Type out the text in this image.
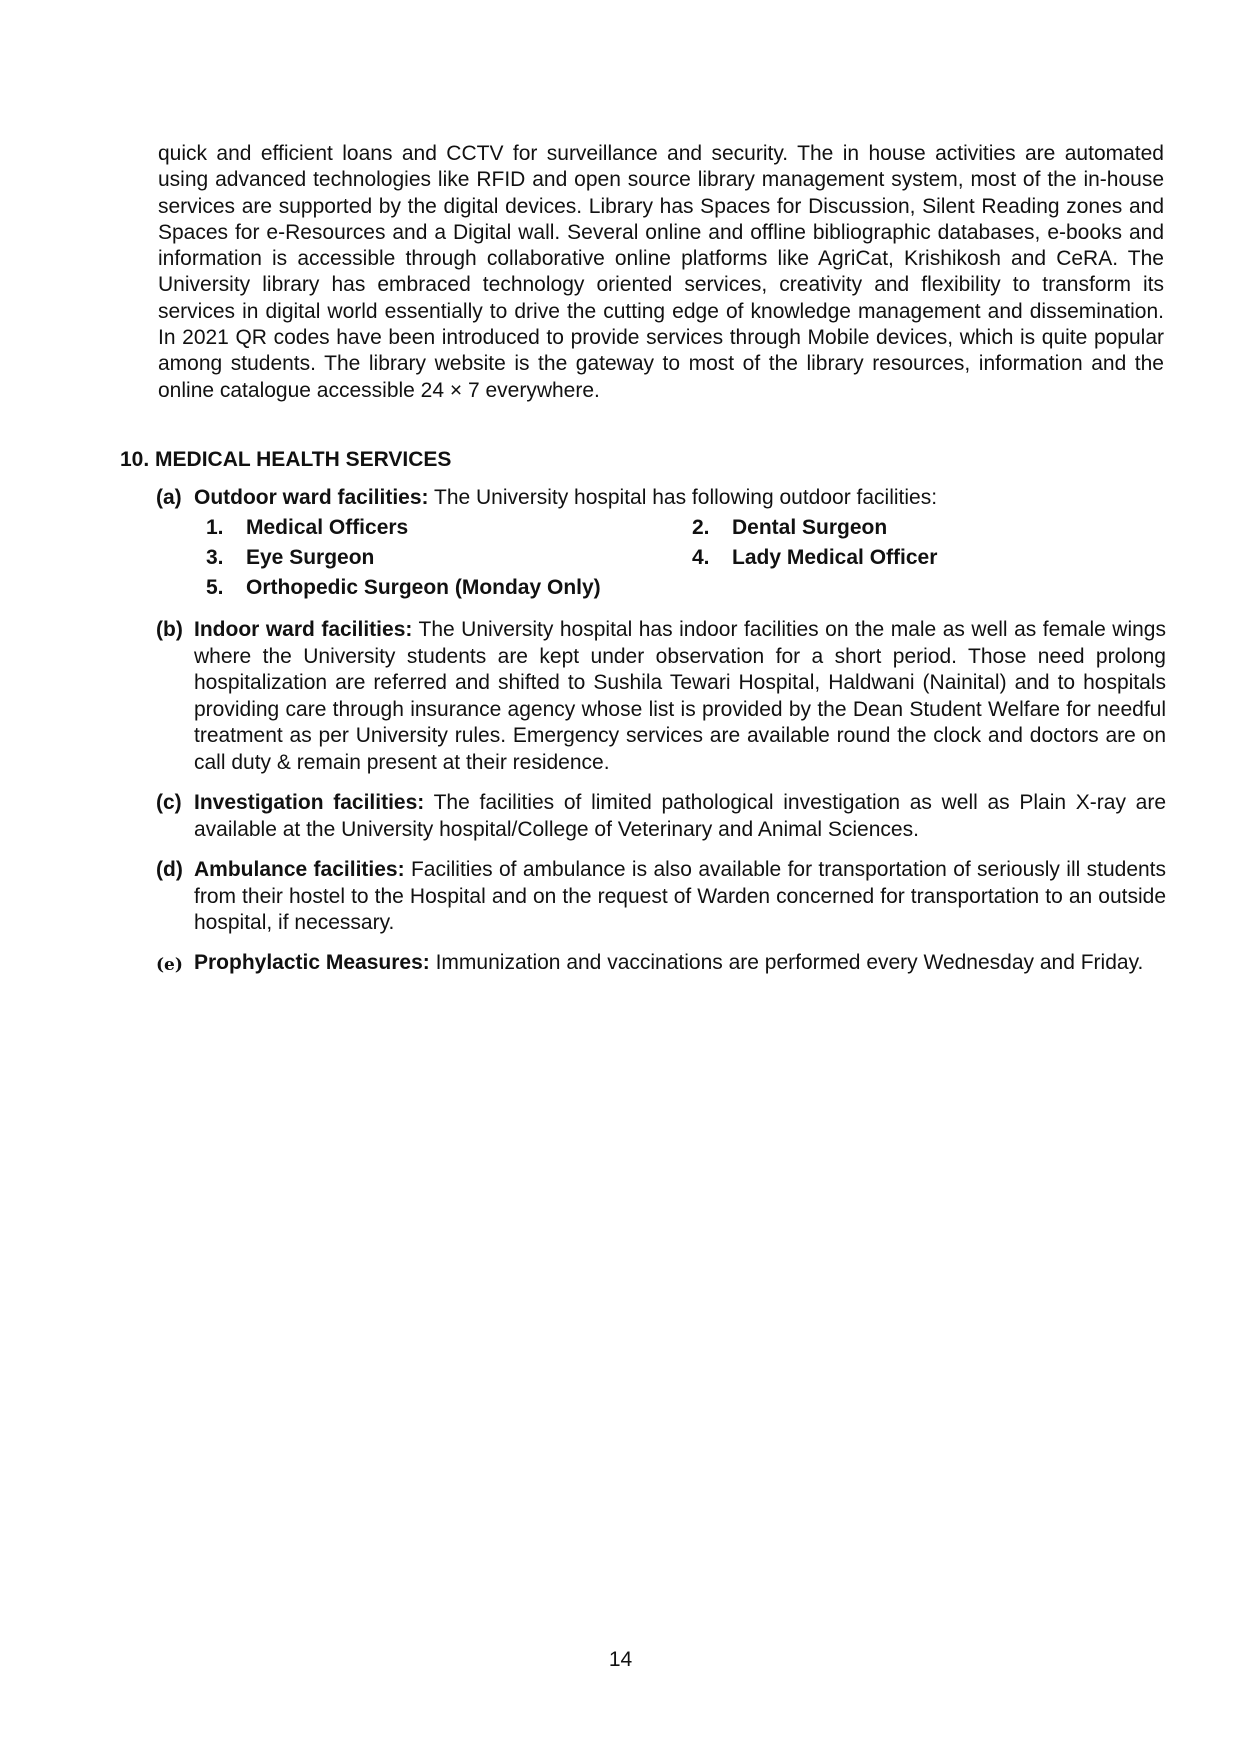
quick and efficient loans and CCTV for surveillance and security. The in house activities are automated using advanced technologies like RFID and open source library management system, most of the in-house services are supported by the digital devices. Library has Spaces for Discussion, Silent Reading zones and Spaces for e-Resources and a Digital wall. Several online and offline bibliographic databases, e-books and information is accessible through collaborative online platforms like AgriCat, Krishikosh and CeRA. The University library has embraced technology oriented services, creativity and flexibility to transform its services in digital world essentially to drive the cutting edge of knowledge management and dissemination. In 2021 QR codes have been introduced to provide services through Mobile devices, which is quite popular among students. The library website is the gateway to most of the library resources, information and the online catalogue accessible 24 × 7 everywhere.

10. MEDICAL HEALTH SERVICES
(a) Outdoor ward facilities: The University hospital has following outdoor facilities:
1. Medical Officers	2. Dental Surgeon
3. Eye Surgeon	4. Lady Medical Officer
5. Orthopedic Surgeon (Monday Only)
(b) Indoor ward facilities: The University hospital has indoor facilities on the male as well as female wings where the University students are kept under observation for a short period. Those need prolong hospitalization are referred and shifted to Sushila Tewari Hospital, Haldwani (Nainital) and to hospitals providing care through insurance agency whose list is provided by the Dean Student Welfare for needful treatment as per University rules. Emergency services are available round the clock and doctors are on call duty & remain present at their residence.
(c) Investigation facilities: The facilities of limited pathological investigation as well as Plain X-ray are available at the University hospital/College of Veterinary and Animal Sciences.
(d) Ambulance facilities: Facilities of ambulance is also available for transportation of seriously ill students from their hostel to the Hospital and on the request of Warden concerned for transportation to an outside hospital, if necessary.
(e) Prophylactic Measures: Immunization and vaccinations are performed every Wednesday and Friday.
14
